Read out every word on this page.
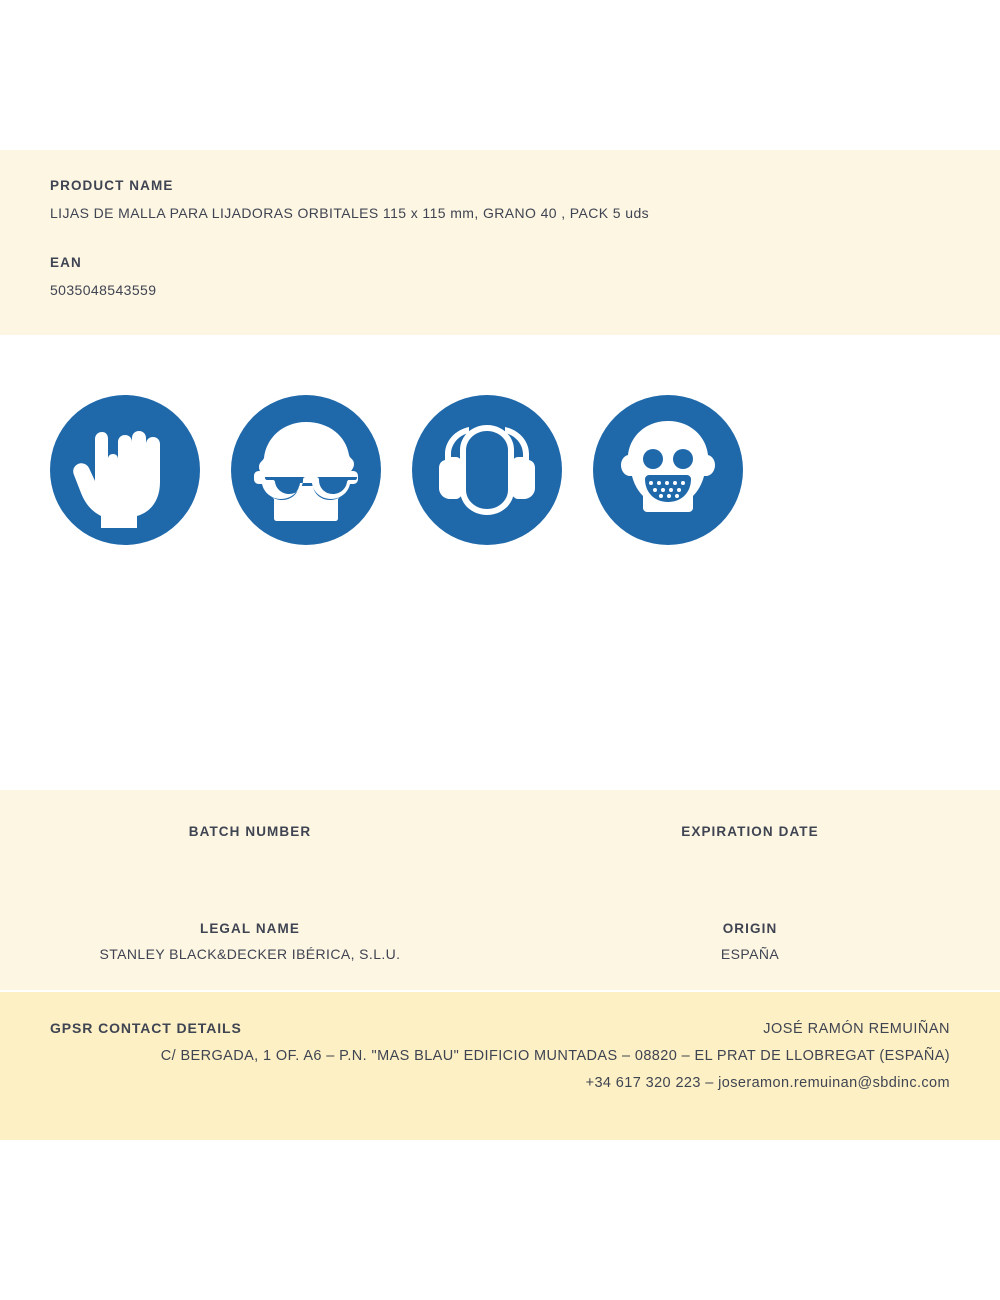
PRODUCT NAME
LIJAS DE MALLA PARA LIJADORAS ORBITALES 115 x 115 mm, GRANO 40 , PACK 5 uds
EAN
5035048543559
BATCH NUMBER	EXPIRATION DATE
LEGAL NAME
STANLEY BLACK&DECKER IBÉRICA, S.L.U.
ORIGIN
ESPAÑA
GPSR CONTACT DETAILS	JOSÉ RAMÓN REMUIÑAN
C/ BERGADA, 1 OF. A6 – P.N. "MAS BLAU" EDIFICIO MUNTADAS – 08820 – EL PRAT DE LLOBREGAT (ESPAÑA)
+34 617 320 223 – joseramon.remuinan@sbdinc.com
